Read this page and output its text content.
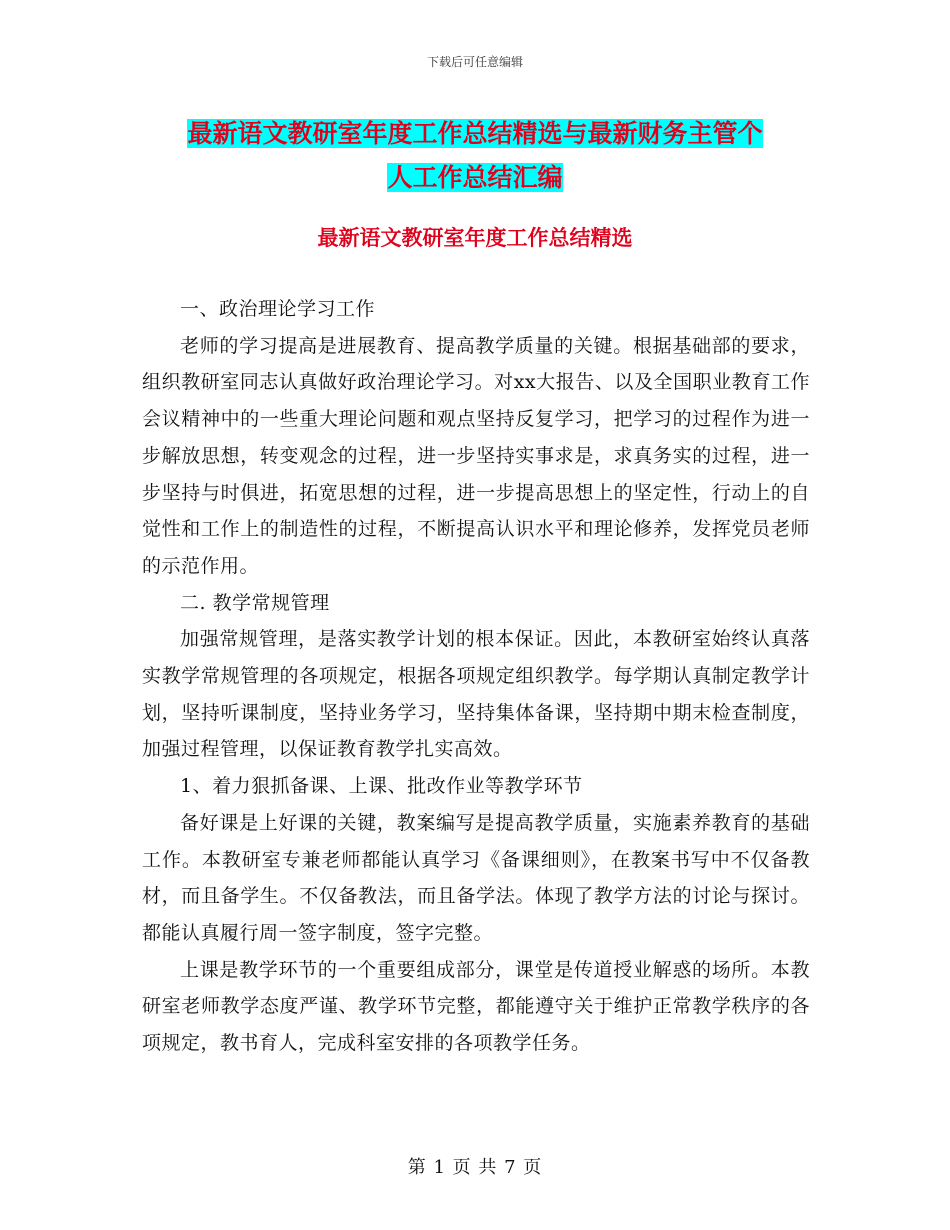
下载后可任意编辑
最新语文教研室年度工作总结精选与最新财务主管个
人工作总结汇编
最新语文教研室年度工作总结精选

一、政治理论学习工作

老师的学习提高是进展教育、提高教学质量的关键。根据基础部的要求，组织教研室同志认真做好政治理论学习。对xx大报告、以及全国职业教育工作会议精神中的一些重大理论问题和观点坚持反复学习，把学习的过程作为进一步解放思想，转变观念的过程，进一步坚持实事求是，求真务实的过程，进一步坚持与时俱进，拓宽思想的过程，进一步提高思想上的坚定性，行动上的自觉性和工作上的制造性的过程，不断提高认识水平和理论修养，发挥党员老师的示范作用。

二. 教学常规管理

加强常规管理，是落实教学计划的根本保证。因此，本教研室始终认真落实教学常规管理的各项规定，根据各项规定组织教学。每学期认真制定教学计划，坚持听课制度，坚持业务学习，坚持集体备课，坚持期中期末检查制度，加强过程管理，以保证教育教学扎实高效。

1、着力狠抓备课、上课、批改作业等教学环节

备好课是上好课的关键，教案编写是提高教学质量，实施素养教育的基础工作。本教研室专兼老师都能认真学习《备课细则》，在教案书写中不仅备教材，而且备学生。不仅备教法，而且备学法。体现了教学方法的讨论与探讨。都能认真履行周一签字制度，签字完整。

上课是教学环节的一个重要组成部分，课堂是传道授业解惑的场所。本教研室老师教学态度严谨、教学环节完整，都能遵守关于维护正常教学秩序的各项规定，教书育人，完成科室安排的各项教学任务。

第 1 页 共 7 页
